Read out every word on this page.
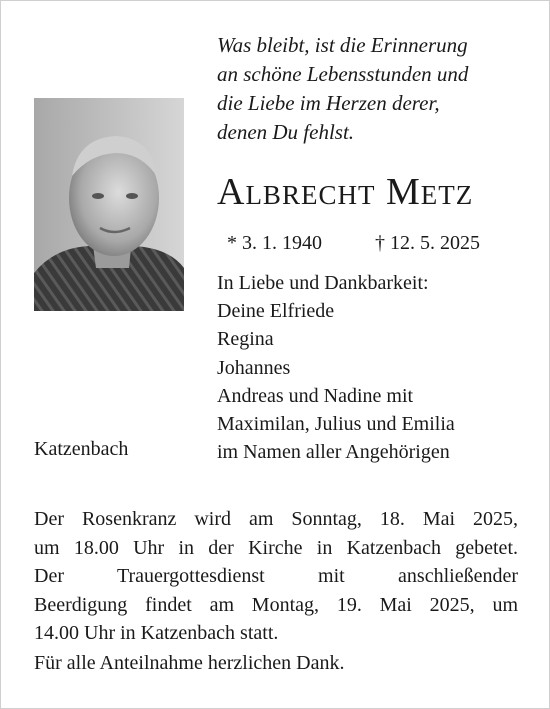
Was bleibt, ist die Erinnerung
an schöne Lebensstunden und
die Liebe im Herzen derer,
denen Du fehlst.
Albrecht Metz
* 3. 1. 1940	† 12. 5. 2025
In Liebe und Dankbarkeit:
Deine Elfriede
Regina
Johannes
Andreas und Nadine mit
Maximilan, Julius und Emilia
im Namen aller Angehörigen
Katzenbach
Der Rosenkranz wird am Sonntag, 18. Mai 2025,
um 18.00 Uhr in der Kirche in Katzenbach gebetet.
Der Trauergottesdienst mit anschließender
Beerdigung findet am Montag, 19. Mai 2025, um
14.00 Uhr in Katzenbach statt.
Für alle Anteilnahme herzlichen Dank.
